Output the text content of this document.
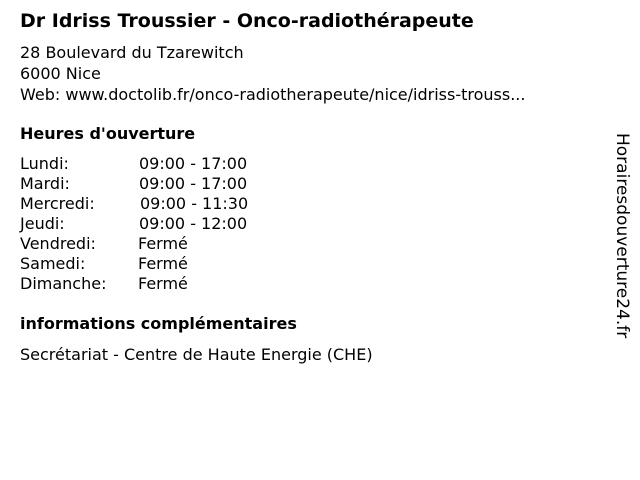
Dr Idriss Troussier - Onco-radiothérapeute
28 Boulevard du Tzarewitch
6000 Nice
Web: www.doctolib.fr/onco-radiotherapeute/nice/idriss-trouss...
Heures d'ouverture
Lundi:	09:00 - 17:00
Mardi:	09:00 - 17:00
Mercredi:	09:00 - 11:30
Jeudi:	09:00 - 12:00
Vendredi:	Fermé
Samedi:	Fermé
Dimanche: Fermé
informations complémentaires
Secrétariat - Centre de Haute Energie (CHE)
Horairesdouverture24.fr
